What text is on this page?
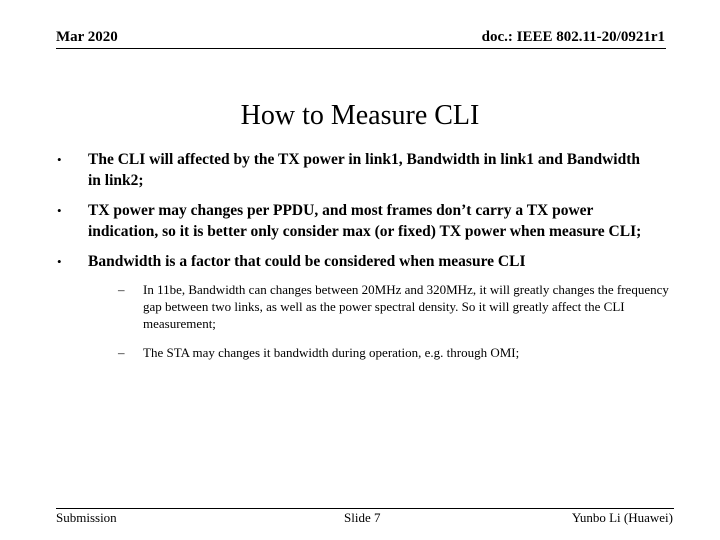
Mar 2020	doc.: IEEE 802.11-20/0921r1
How to Measure CLI
• The CLI will affected by the TX power in link1, Bandwidth in link1 and Bandwidth in link2;
• TX power may changes per PPDU, and most frames don’t carry a TX power indication, so it is better only consider max (or fixed) TX power when measure CLI;
• Bandwidth is a factor that could be considered when measure CLI
– In 11be, Bandwidth can changes between 20MHz and 320MHz, it will greatly changes the frequency gap between two links, as well as the power spectral density. So it will greatly affect the CLI measurement;
– The STA may changes it bandwidth during operation, e.g. through OMI;
Submission	Slide 7	Yunbo Li (Huawei)
